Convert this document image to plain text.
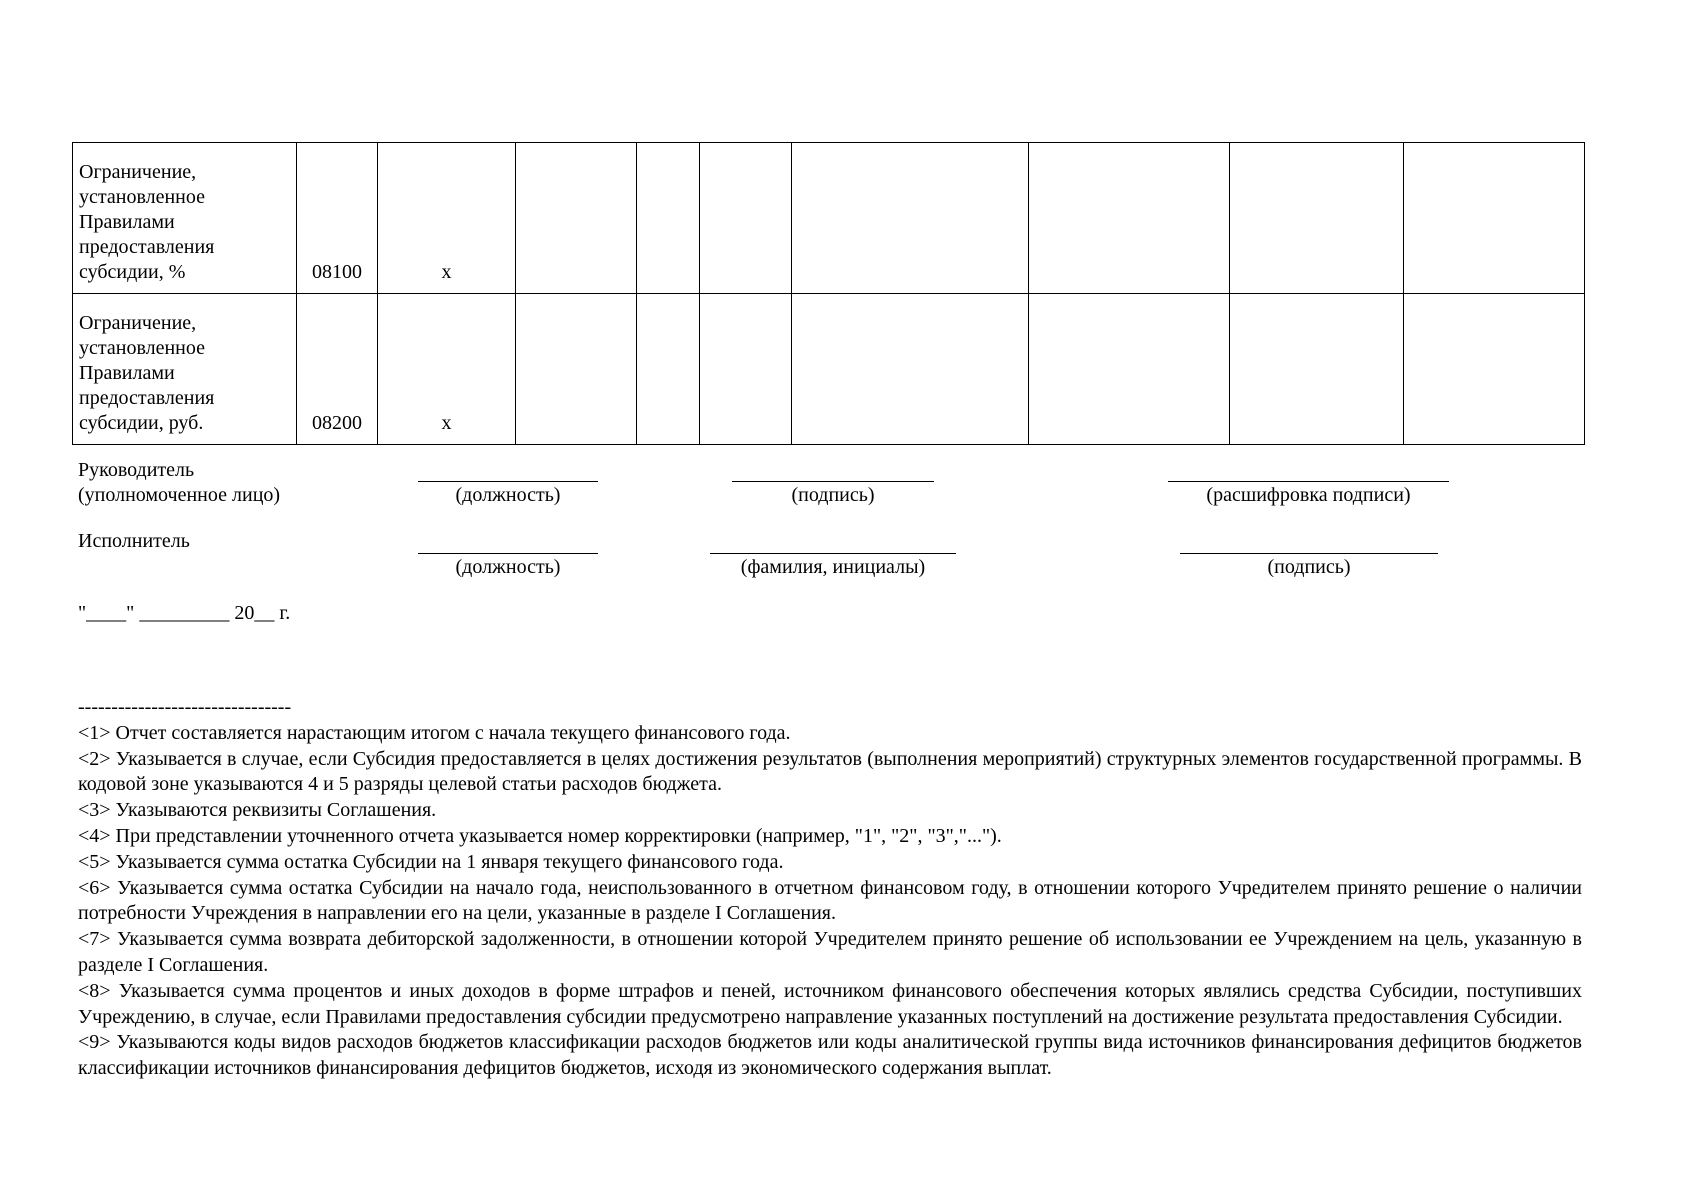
Ограничение,
установленное
Правилами
предоставления
субсидии, %	08100	x							
Ограничение,
установленное
Правилами
предоставления
субсидии, руб.	08200	x							
Руководитель
(уполномоченное лицо)	(должность)	(подпись)	(расшифровка подписи)
Исполнитель
(должность)	(фамилия, инициалы)	(подпись)
"____" _________ 20__ г.
--------------------------------
<1> Отчет составляется нарастающим итогом с начала текущего финансового года.
<2> Указывается в случае, если Субсидия предоставляется в целях достижения результатов (выполнения мероприятий) структурных элементов государственной программы. В кодовой зоне указываются 4 и 5 разряды целевой статьи расходов бюджета.
<3> Указываются реквизиты Соглашения.
<4> При представлении уточненного отчета указывается номер корректировки (например, "1", "2", "3","...").
<5> Указывается сумма остатка Субсидии на 1 января текущего финансового года.
<6> Указывается сумма остатка Субсидии на начало года, неиспользованного в отчетном финансовом году, в отношении которого Учредителем принято решение о наличии потребности Учреждения в направлении его на цели, указанные в разделе I Соглашения.
<7> Указывается сумма возврата дебиторской задолженности, в отношении которой Учредителем принято решение об использовании ее Учреждением на цель, указанную в разделе I Соглашения.
<8> Указывается сумма процентов и иных доходов в форме штрафов и пеней, источником финансового обеспечения которых являлись средства Субсидии, поступивших Учреждению, в случае, если Правилами предоставления субсидии предусмотрено направление указанных поступлений на достижение результата предоставления Субсидии.
<9> Указываются коды видов расходов бюджетов классификации расходов бюджетов или коды аналитической группы вида источников финансирования дефицитов бюджетов классификации источников финансирования дефицитов бюджетов, исходя из экономического содержания выплат.
